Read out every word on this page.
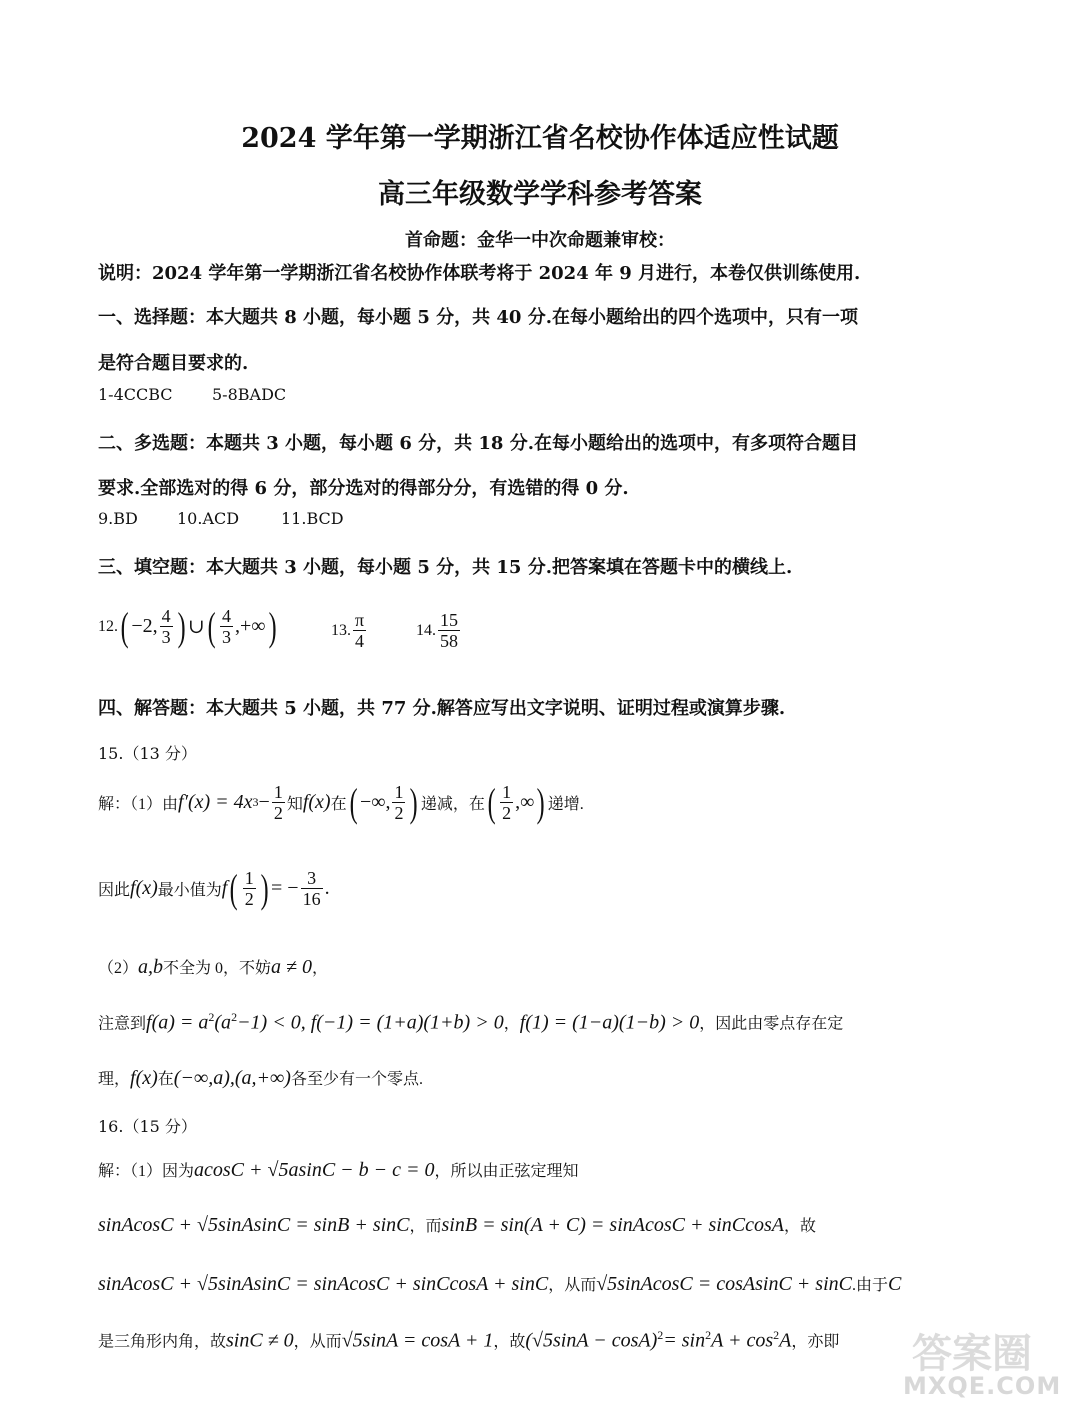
2024 学年第一学期浙江省名校协作体适应性试题
高三年级数学学科参考答案
首命题：金华一中次命题兼审校：
说明：2024 学年第一学期浙江省名校协作体联考将于 2024 年 9 月进行，本卷仅供训练使用.
一、选择题：本大题共 8 小题，每小题 5 分，共 40 分.在每小题给出的四个选项中，只有一项
是符合题目要求的.
1-4CCBC 5-8BADC
二、多选题：本题共 3 小题，每小题 6 分，共 18 分.在每小题给出的选项中，有多项符合题目
要求.全部选对的得 6 分，部分选对的得部分分，有选错的得 0 分.
9.BD 10.ACD	11.BCD
三、填空题：本大题共 3 小题，每小题 5 分，共 15 分.把答案填在答题卡中的横线上.
12. ( −2, $\frac{4}{3}$ ) ∪ ( $\frac{4}{3}$ ,+∞ )	13. $\frac{\pi}{4}$	14. $\frac{15}{58}$
四、解答题：本大题共 5 小题，共 77 分.解答应写出文字说明、证明过程或演算步骤.
15.（13 分）
解：（1）由 f′(x) = 4x $3 - \frac{1}{2}$ 知 f(x) 在 ( −∞, $\frac{1}{2}$ ) 递减，在 ( $\frac{1}{2}$ ,∞ ) 递增.
因此 f(x) 最小值为 f ( $\frac{1}{2}$ ) = − $\frac{3}{16}$ .
（2）a,b不全为 0，不妨a ≠ 0，
注意到$f(a) = a^2(a^2-1) < 0$, f(−1) = (1+a)(1+b) > 0，f(1) = (1−a)(1−b) > 0，因此由零点存在定
理，f(x)在(−∞,a),(a,+∞)各至少有一个零点.
16.（15 分）
解：（1）因为acosC + √5asinC − b − c = 0，所以由正弦定理知
sinAcosC + √5sinAsinC = sinB + sinC，而sinB = sin(A + C) = sinAcosC + sinCcosA，故
sinAcosC + √5sinAsinC = sinAcosC + sinCcosA + sinC，从而√5sinAcosC = cosAsinC + sinC.由于C
是三角形内角，故sinC ≠ 0，从而√5sinA = cosA + 1，故$(√5\sin A - \cos A)^2= \sin^2A + \cos^2A$，亦即 答案圈
MXQE.COM
